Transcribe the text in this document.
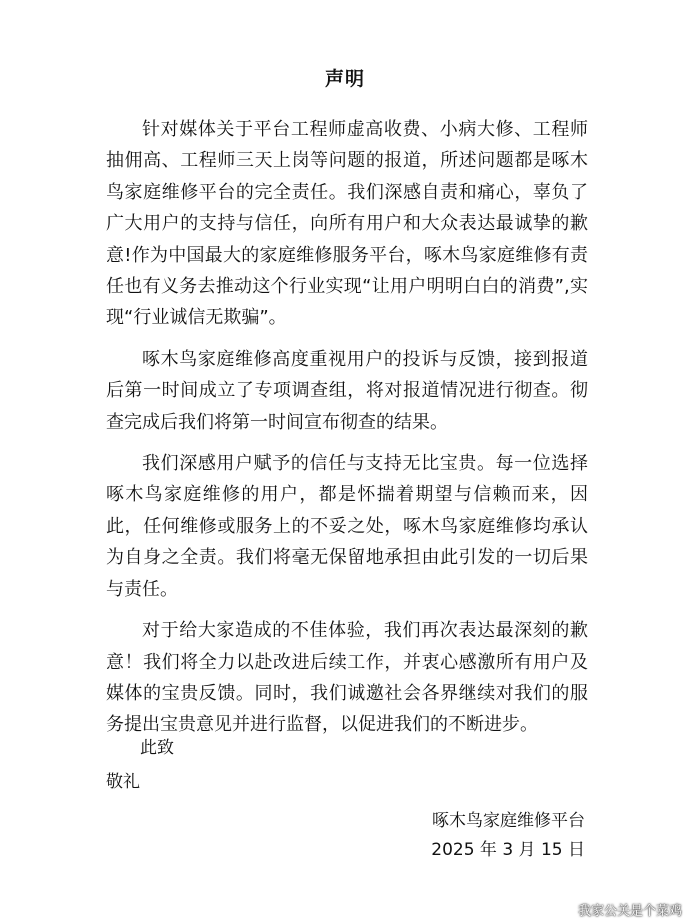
声明

针对媒体关于平台工程师虚高收费、小病大修、工程师抽佣高、工程师三天上岗等问题的报道，所述问题都是啄木鸟家庭维修平台的完全责任。我们深感自责和痛心，辜负了广大用户的支持与信任，向所有用户和大众表达最诚挚的歉意!作为中国最大的家庭维修服务平台，啄木鸟家庭维修有责任也有义务去推动这个行业实现“让用户明明白白的消费”,实现“行业诚信无欺骗”。

啄木鸟家庭维修高度重视用户的投诉与反馈，接到报道后第一时间成立了专项调查组，将对报道情况进行彻查。彻查完成后我们将第一时间宣布彻查的结果。

我们深感用户赋予的信任与支持无比宝贵。每一位选择啄木鸟家庭维修的用户，都是怀揣着期望与信赖而来，因此，任何维修或服务上的不妥之处，啄木鸟家庭维修均承认为自身之全责。我们将毫无保留地承担由此引发的一切后果与责任。

对于给大家造成的不佳体验，我们再次表达最深刻的歉意！我们将全力以赴改进后续工作，并衷心感激所有用户及媒体的宝贵反馈。同时，我们诚邀社会各界继续对我们的服务提出宝贵意见并进行监督，以促进我们的不断进步。

此致
敬礼
啄木鸟家庭维修平台
2025 年 3 月 15 日
我家公关是个菜鸡
